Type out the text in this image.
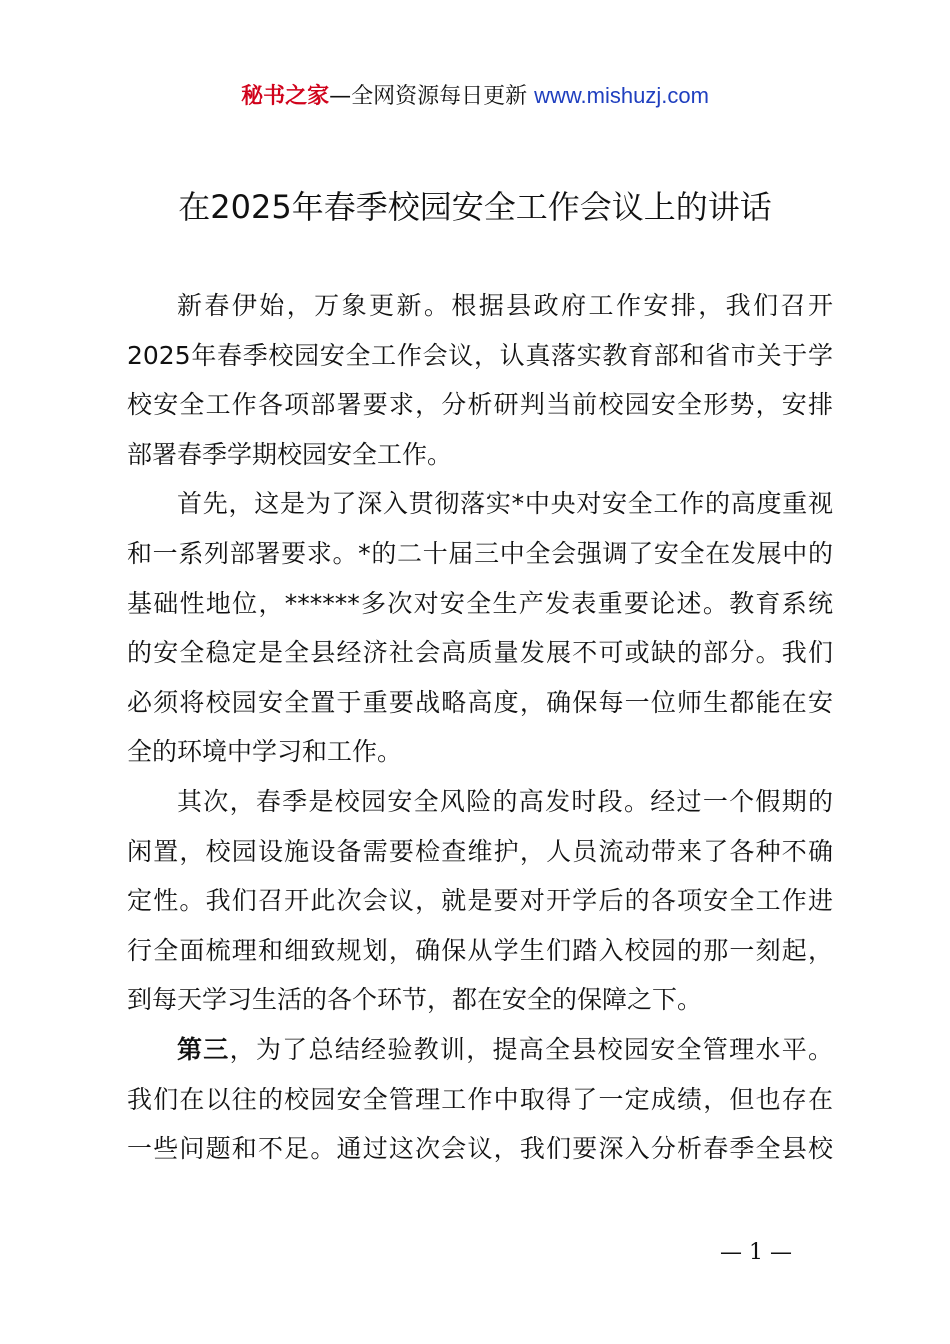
秘书之家—全网资源每日更新 www.mishuzj.com
在2025年春季校园安全工作会议上的讲话
新春伊始，万象更新。根据县政府工作安排，我们召开
2025年春季校园安全工作会议，认真落实教育部和省市关于学
校安全工作各项部署要求，分析研判当前校园安全形势，安排
部署春季学期校园安全工作。
首先，这是为了深入贯彻落实*中央对安全工作的高度重视
和一系列部署要求。*的二十届三中全会强调了安全在发展中的
基础性地位，******多次对安全生产发表重要论述。教育系统
的安全稳定是全县经济社会高质量发展不可或缺的部分。我们
必须将校园安全置于重要战略高度，确保每一位师生都能在安
全的环境中学习和工作。
其次，春季是校园安全风险的高发时段。经过一个假期的
闲置，校园设施设备需要检查维护，人员流动带来了各种不确
定性。我们召开此次会议，就是要对开学后的各项安全工作进
行全面梳理和细致规划，确保从学生们踏入校园的那一刻起，
到每天学习生活的各个环节，都在安全的保障之下。
第三，为了总结经验教训，提高全县校园安全管理水平。
我们在以往的校园安全管理工作中取得了一定成绩，但也存在
一些问题和不足。通过这次会议，我们要深入分析春季全县校
— 1 —
